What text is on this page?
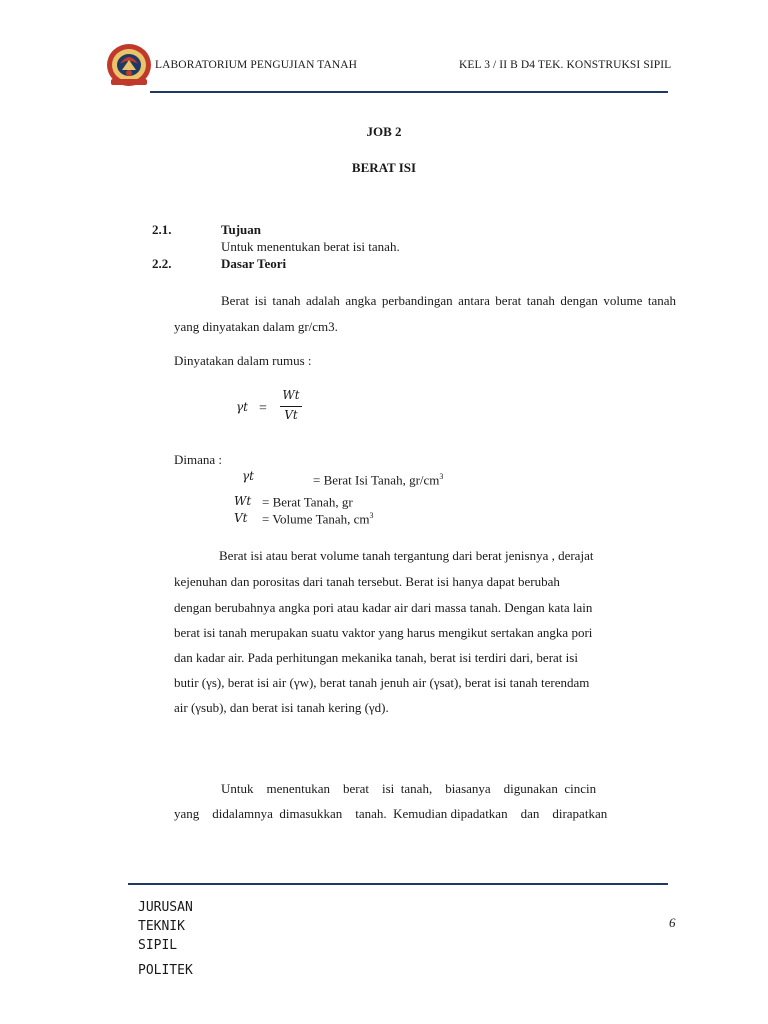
LABORATORIUM PENGUJIAN TANAH	KEL 3 / II B D4 TEK. KONSTRUKSI SIPIL
JOB 2
BERAT ISI
2.1.	Tujuan
Untuk menentukan berat isi tanah.
2.2.	Dasar Teori
Berat isi tanah adalah angka perbandingan antara berat tanah dengan volume tanah yang dinyatakan dalam gr/cm3.
Dinyatakan dalam rumus :
γt =
Wt
Vt
Dimana :
γt	= Berat Isi Tanah, $gr/cm^3$
Wt = Berat Tanah, gr
Vt = Volume Tanah, $cm^3$
Berat isi atau berat volume tanah tergantung dari berat jenisnya , derajat
kejenuhan dan porositas dari tanah tersebut. Berat isi hanya dapat berubah
dengan berubahnya angka pori atau kadar air dari massa tanah. Dengan kata lain
berat isi tanah merupakan suatu vaktor yang harus mengikut sertakan angka pori
dan kadar air. Pada perhitungan mekanika tanah, berat isi terdiri dari, berat isi
butir (γs), berat isi air (γw), berat tanah jenuh air (γsat), berat isi tanah terendam
air (γsub), dan berat isi tanah kering (γd).
Untuk    menentukan    berat    isi  tanah,    biasanya    digunakan  cincin
yang    didalamnya  dimasukkan    tanah.  Kemudian dipadatkan    dan    dirapatkan
JURUSAN
TEKNIK
SIPIL
POLITEK
6
